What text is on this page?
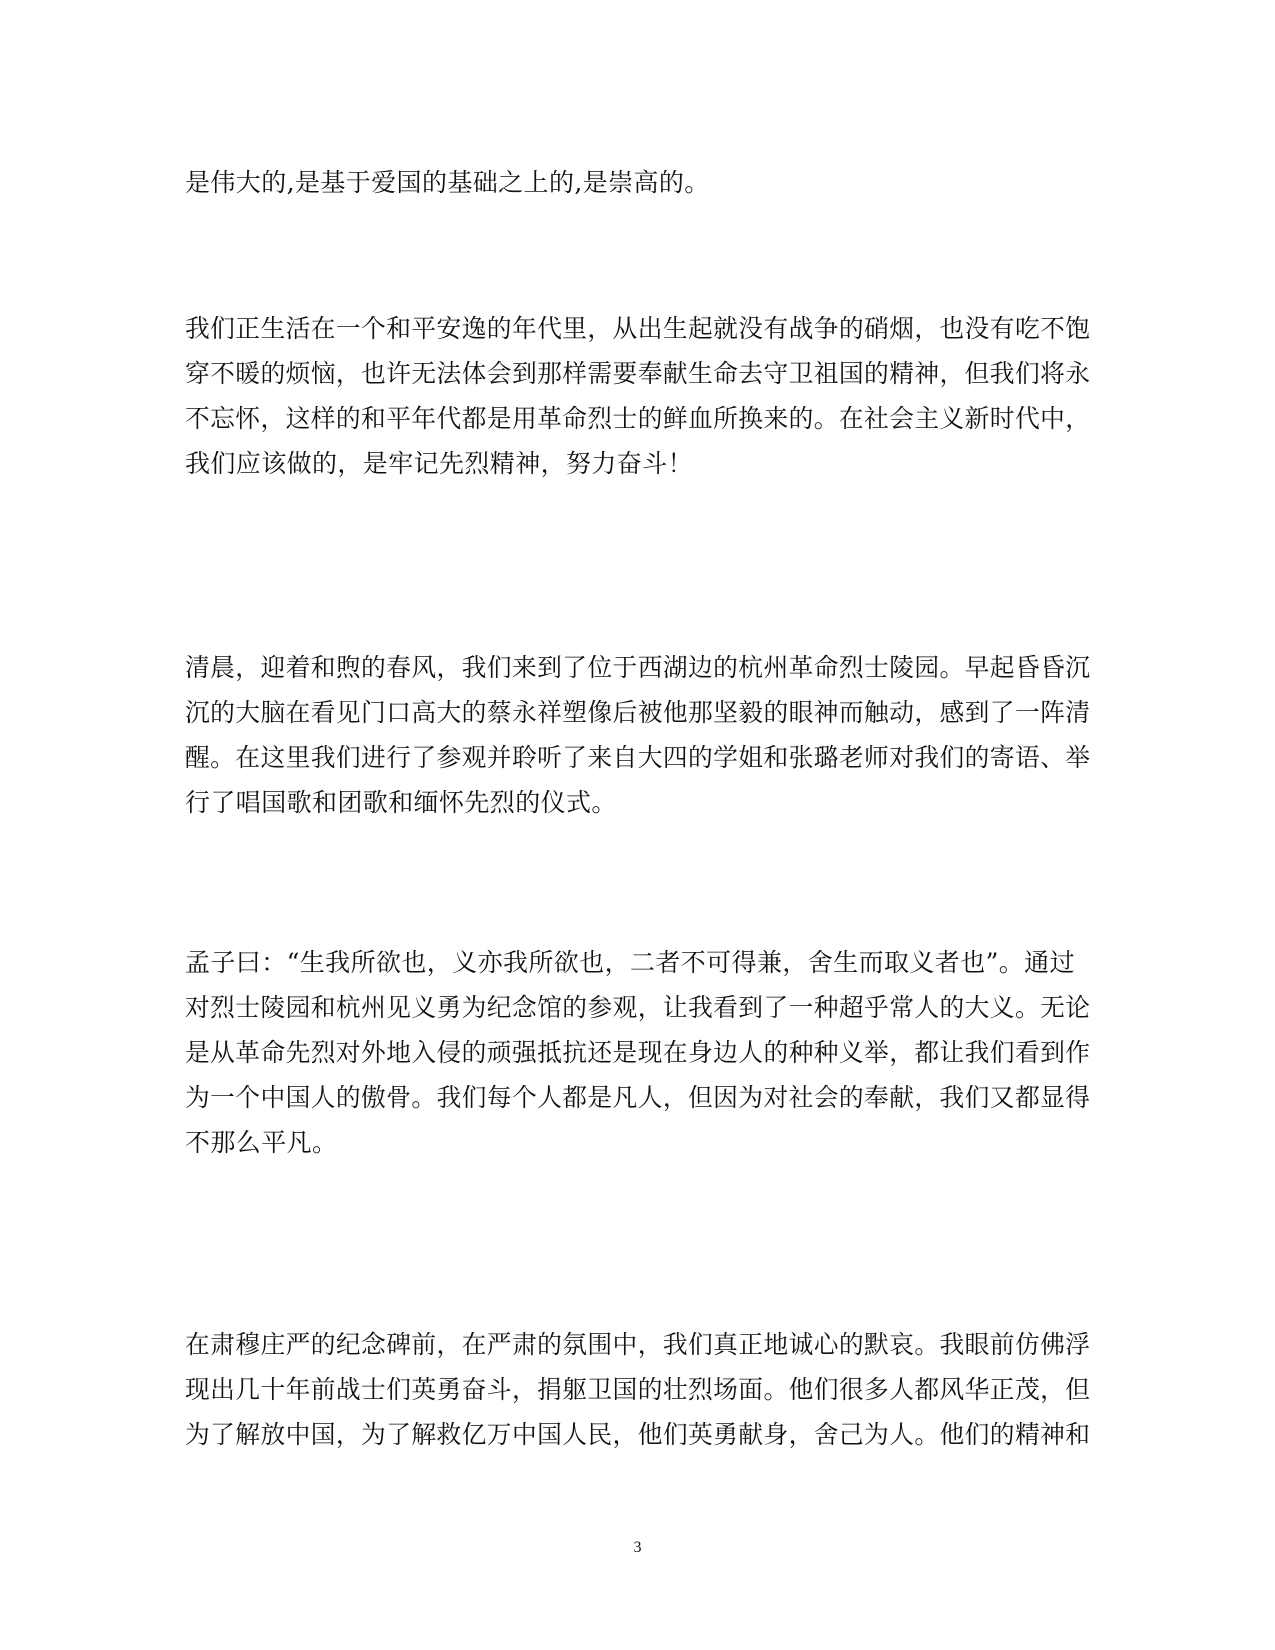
是伟大的,是基于爱国的基础之上的,是崇高的。
我们正生活在一个和平安逸的年代里，从出生起就没有战争的硝烟，也没有吃不饱
穿不暖的烦恼，也许无法体会到那样需要奉献生命去守卫祖国的精神，但我们将永
不忘怀，这样的和平年代都是用革命烈士的鲜血所换来的。在社会主义新时代中，
我们应该做的，是牢记先烈精神，努力奋斗！
清晨，迎着和煦的春风，我们来到了位于西湖边的杭州革命烈士陵园。早起昏昏沉
沉的大脑在看见门口高大的蔡永祥塑像后被他那坚毅的眼神而触动，感到了一阵清
醒。在这里我们进行了参观并聆听了来自大四的学姐和张璐老师对我们的寄语、举
行了唱国歌和团歌和缅怀先烈的仪式。
孟子曰：“生我所欲也，义亦我所欲也，二者不可得兼，舍生而取义者也”。通过
对烈士陵园和杭州见义勇为纪念馆的参观，让我看到了一种超乎常人的大义。无论
是从革命先烈对外地入侵的顽强抵抗还是现在身边人的种种义举，都让我们看到作
为一个中国人的傲骨。我们每个人都是凡人，但因为对社会的奉献，我们又都显得
不那么平凡。
在肃穆庄严的纪念碑前，在严肃的氛围中，我们真正地诚心的默哀。我眼前仿佛浮
现出几十年前战士们英勇奋斗，捐躯卫国的壮烈场面。他们很多人都风华正茂，但
为了解放中国，为了解救亿万中国人民，他们英勇献身，舍己为人。他们的精神和
3
